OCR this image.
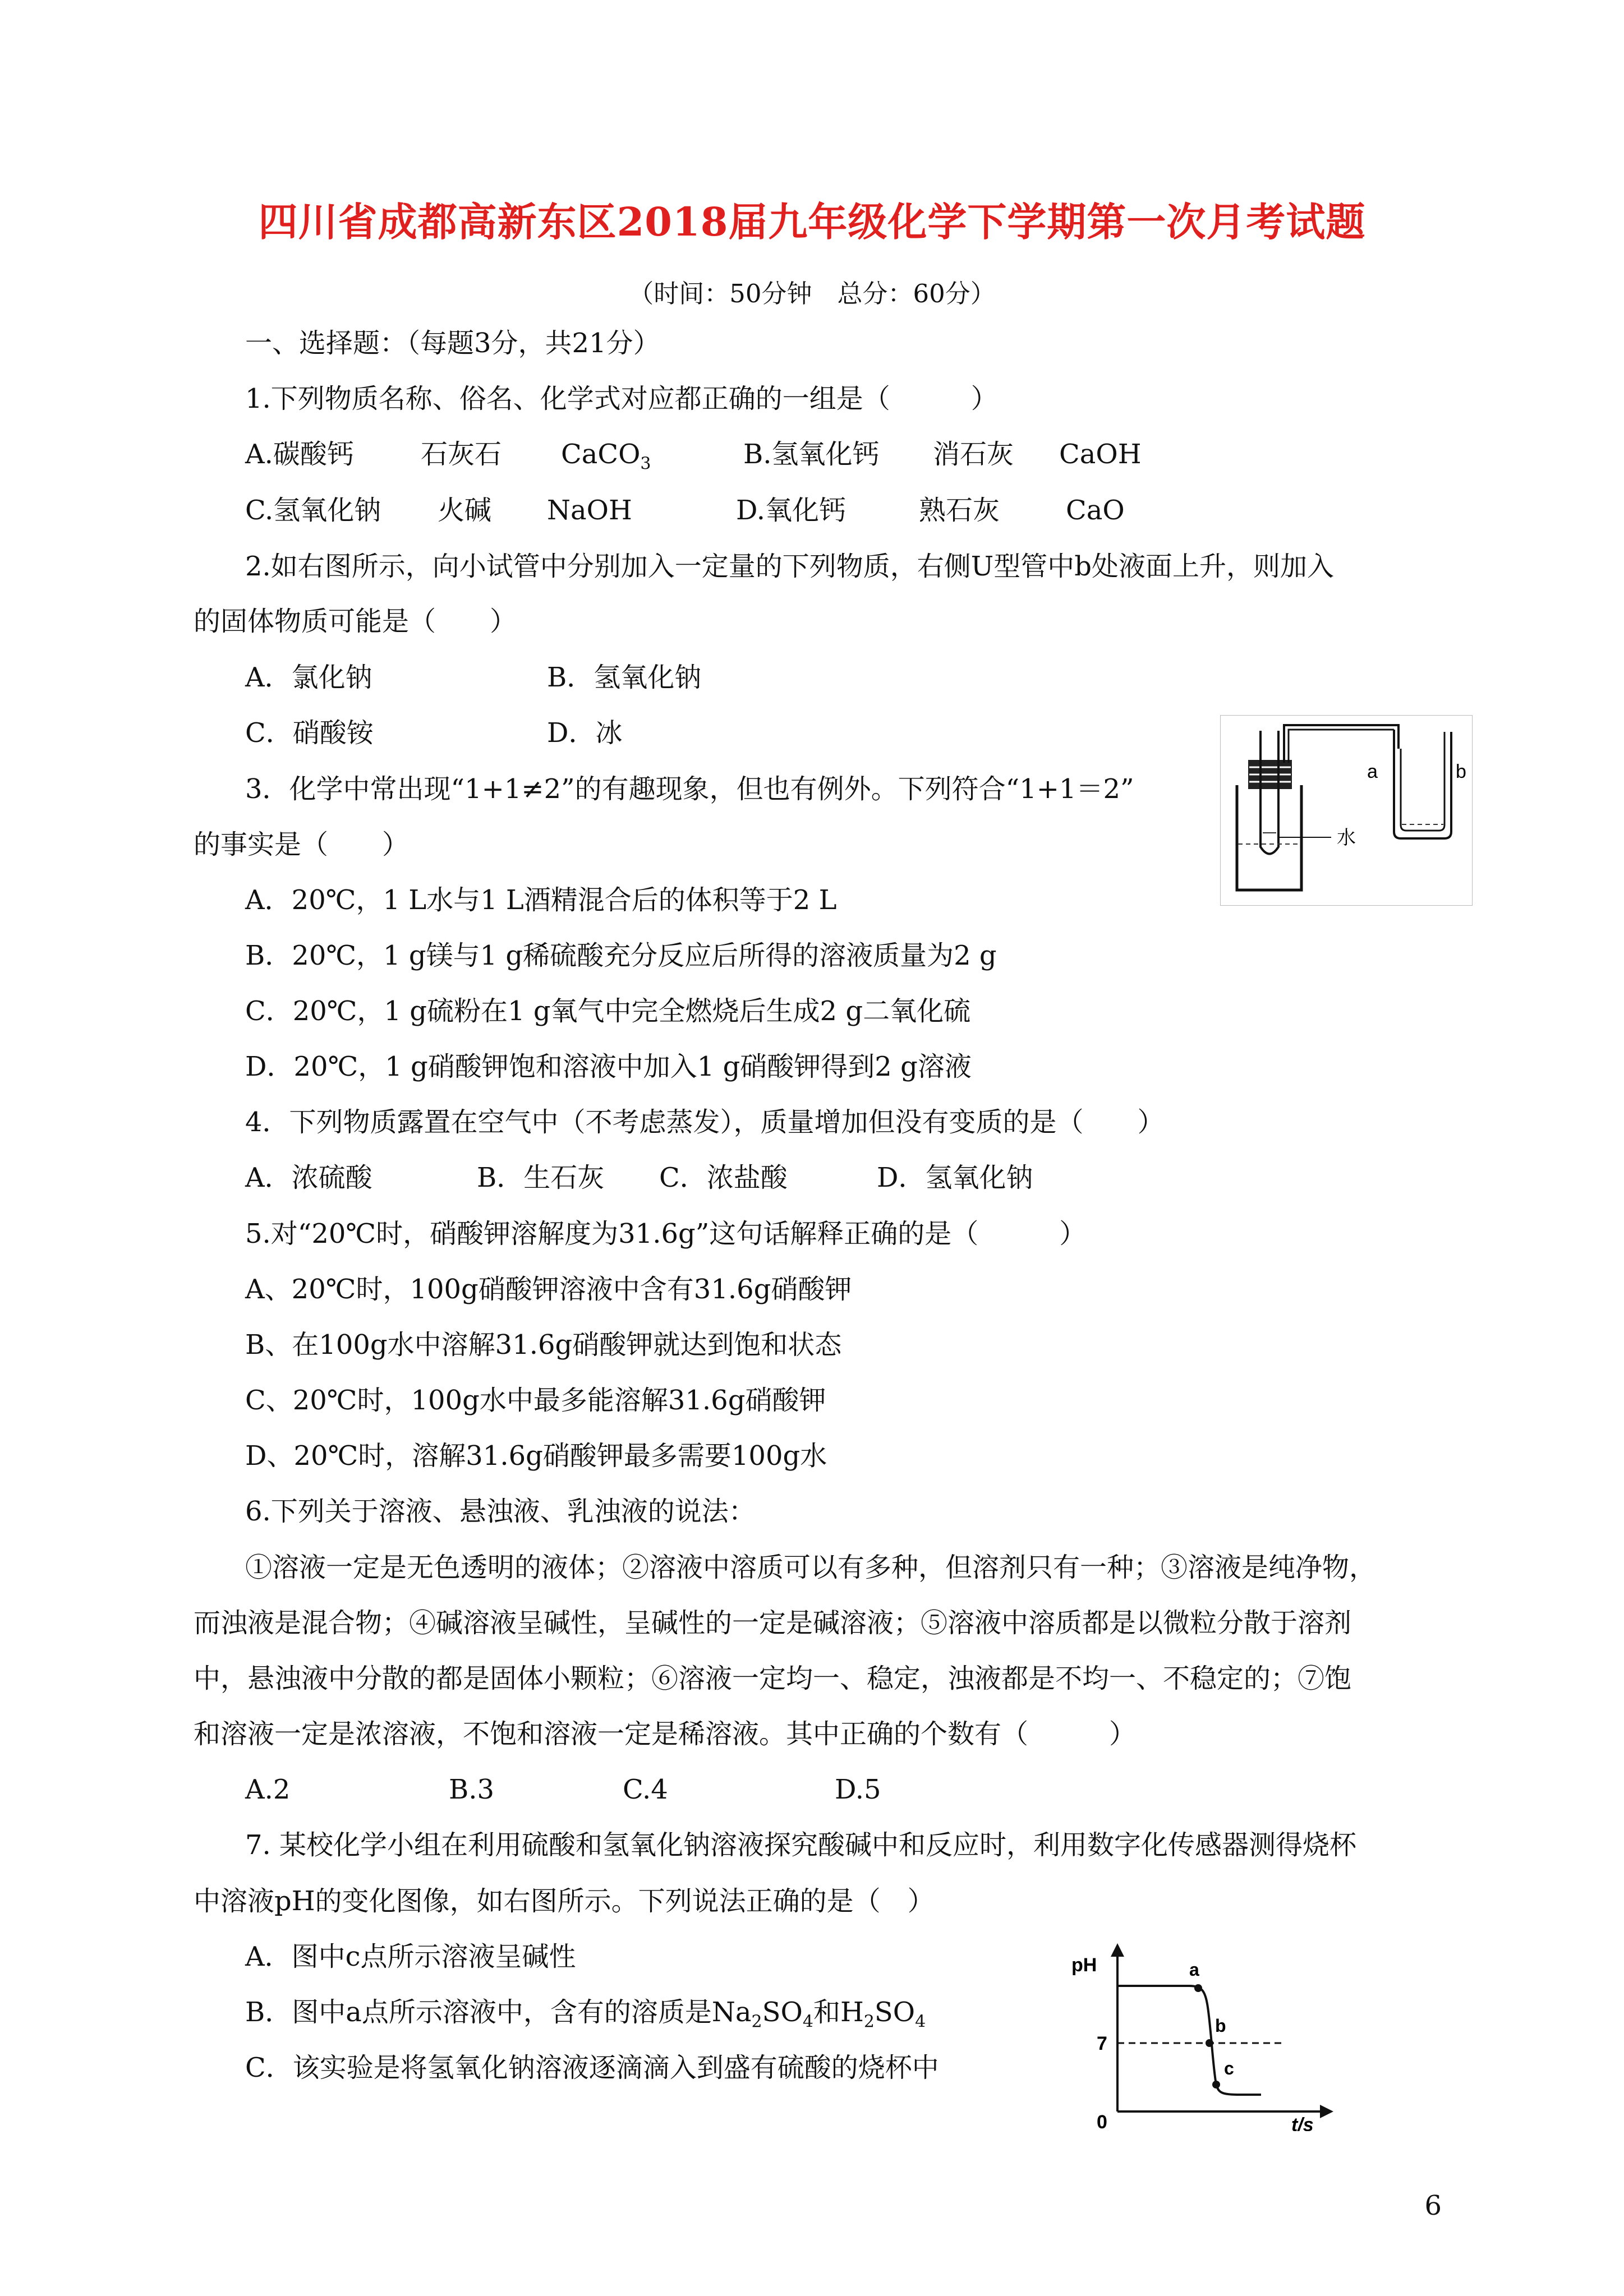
四川省成都高新东区2018届九年级化学下学期第一次月考试题
（时间：50分钟　总分：60分）
一、选择题：（每题3分，共21分）
1.下列物质名称、俗名、化学式对应都正确的一组是（　　　）
A.碳酸钙 石灰石 CaCO$_3$	B.氢氧化钙 消石灰 CaOH
C.氢氧化钠 火碱 NaOH	D.氧化钙	熟石灰 CaO
2.如右图所示，向小试管中分别加入一定量的下列物质，右侧U型管中b处液面上升，则加入
的固体物质可能是（　　）
A．氯化钠	B．氢氧化钠
C．硝酸铵	D．冰
a	b
水
3．化学中常出现“1+1≠2”的有趣现象，但也有例外。下列符合“1+1＝2”
的事实是（　　）
A．20℃，1 L水与1 L酒精混合后的体积等于2 L
B．20℃，1 g镁与1 g稀硫酸充分反应后所得的溶液质量为2 g
C．20℃，1 g硫粉在1 g氧气中完全燃烧后生成2 g二氧化硫
D．20℃，1 g硝酸钾饱和溶液中加入1 g硝酸钾得到2 g溶液
4．下列物质露置在空气中（不考虑蒸发），质量增加但没有变质的是（　　）
A．浓硫酸	B．生石灰 C．浓盐酸	D．氢氧化钠
5.对“20℃时，硝酸钾溶解度为31.6g”这句话解释正确的是（　　　）
A、20℃时，100g硝酸钾溶液中含有31.6g硝酸钾
B、在100g水中溶解31.6g硝酸钾就达到饱和状态
C、20℃时，100g水中最多能溶解31.6g硝酸钾
D、20℃时，溶解31.6g硝酸钾最多需要100g水
6.下列关于溶液、悬浊液、乳浊液的说法：
①溶液一定是无色透明的液体；②溶液中溶质可以有多种，但溶剂只有一种；③溶液是纯净物，
而浊液是混合物；④碱溶液呈碱性，呈碱性的一定是碱溶液；⑤溶液中溶质都是以微粒分散于溶剂
中，悬浊液中分散的都是固体小颗粒；⑥溶液一定均一、稳定，浊液都是不均一、不稳定的；⑦饱
和溶液一定是浓溶液，不饱和溶液一定是稀溶液。其中正确的个数有（　　　）
A.2	B.3	C.4	D.5
7. 某校化学小组在利用硫酸和氢氧化钠溶液探究酸碱中和反应时，利用数字化传感器测得烧杯
中溶液pH的变化图像，如右图所示。下列说法正确的是（　）
A．图中c点所示溶液呈碱性
B．图中a点所示溶液中，含有的溶质是$Na_2SO_4$和$H_2SO_4$
C．该实验是将氢氧化钠溶液逐滴滴入到盛有硫酸的烧杯中
pH
t/s
0
7
a
b
c
6
